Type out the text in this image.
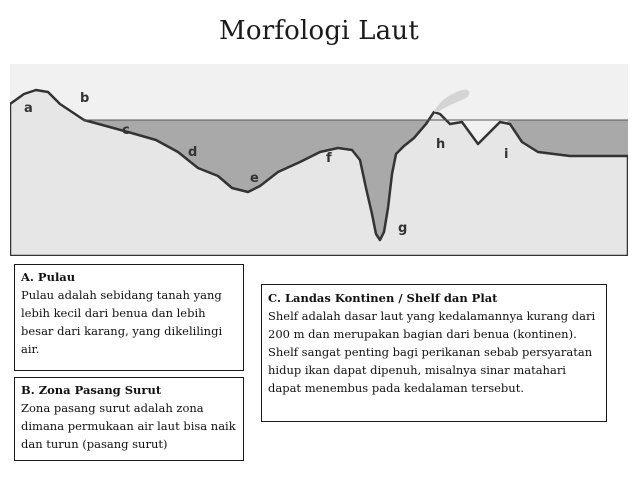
Morfologi Laut
a
b
c
d
e
f
g
h
i
A. Pulau
Pulau adalah sebidang tanah yang lebih kecil dari benua dan lebih besar dari karang, yang dikelilingi air.
B. Zona Pasang Surut
Zona pasang surut adalah zona dimana permukaan air laut bisa naik dan turun (pasang surut)
C. Landas Kontinen / Shelf dan Plat
Shelf adalah dasar laut yang kedalamannya kurang dari 200 m dan merupakan bagian dari benua (kontinen). Shelf sangat penting bagi perikanan sebab persyaratan hidup ikan dapat dipenuh, misalnya sinar matahari dapat menembus pada kedalaman tersebut.
